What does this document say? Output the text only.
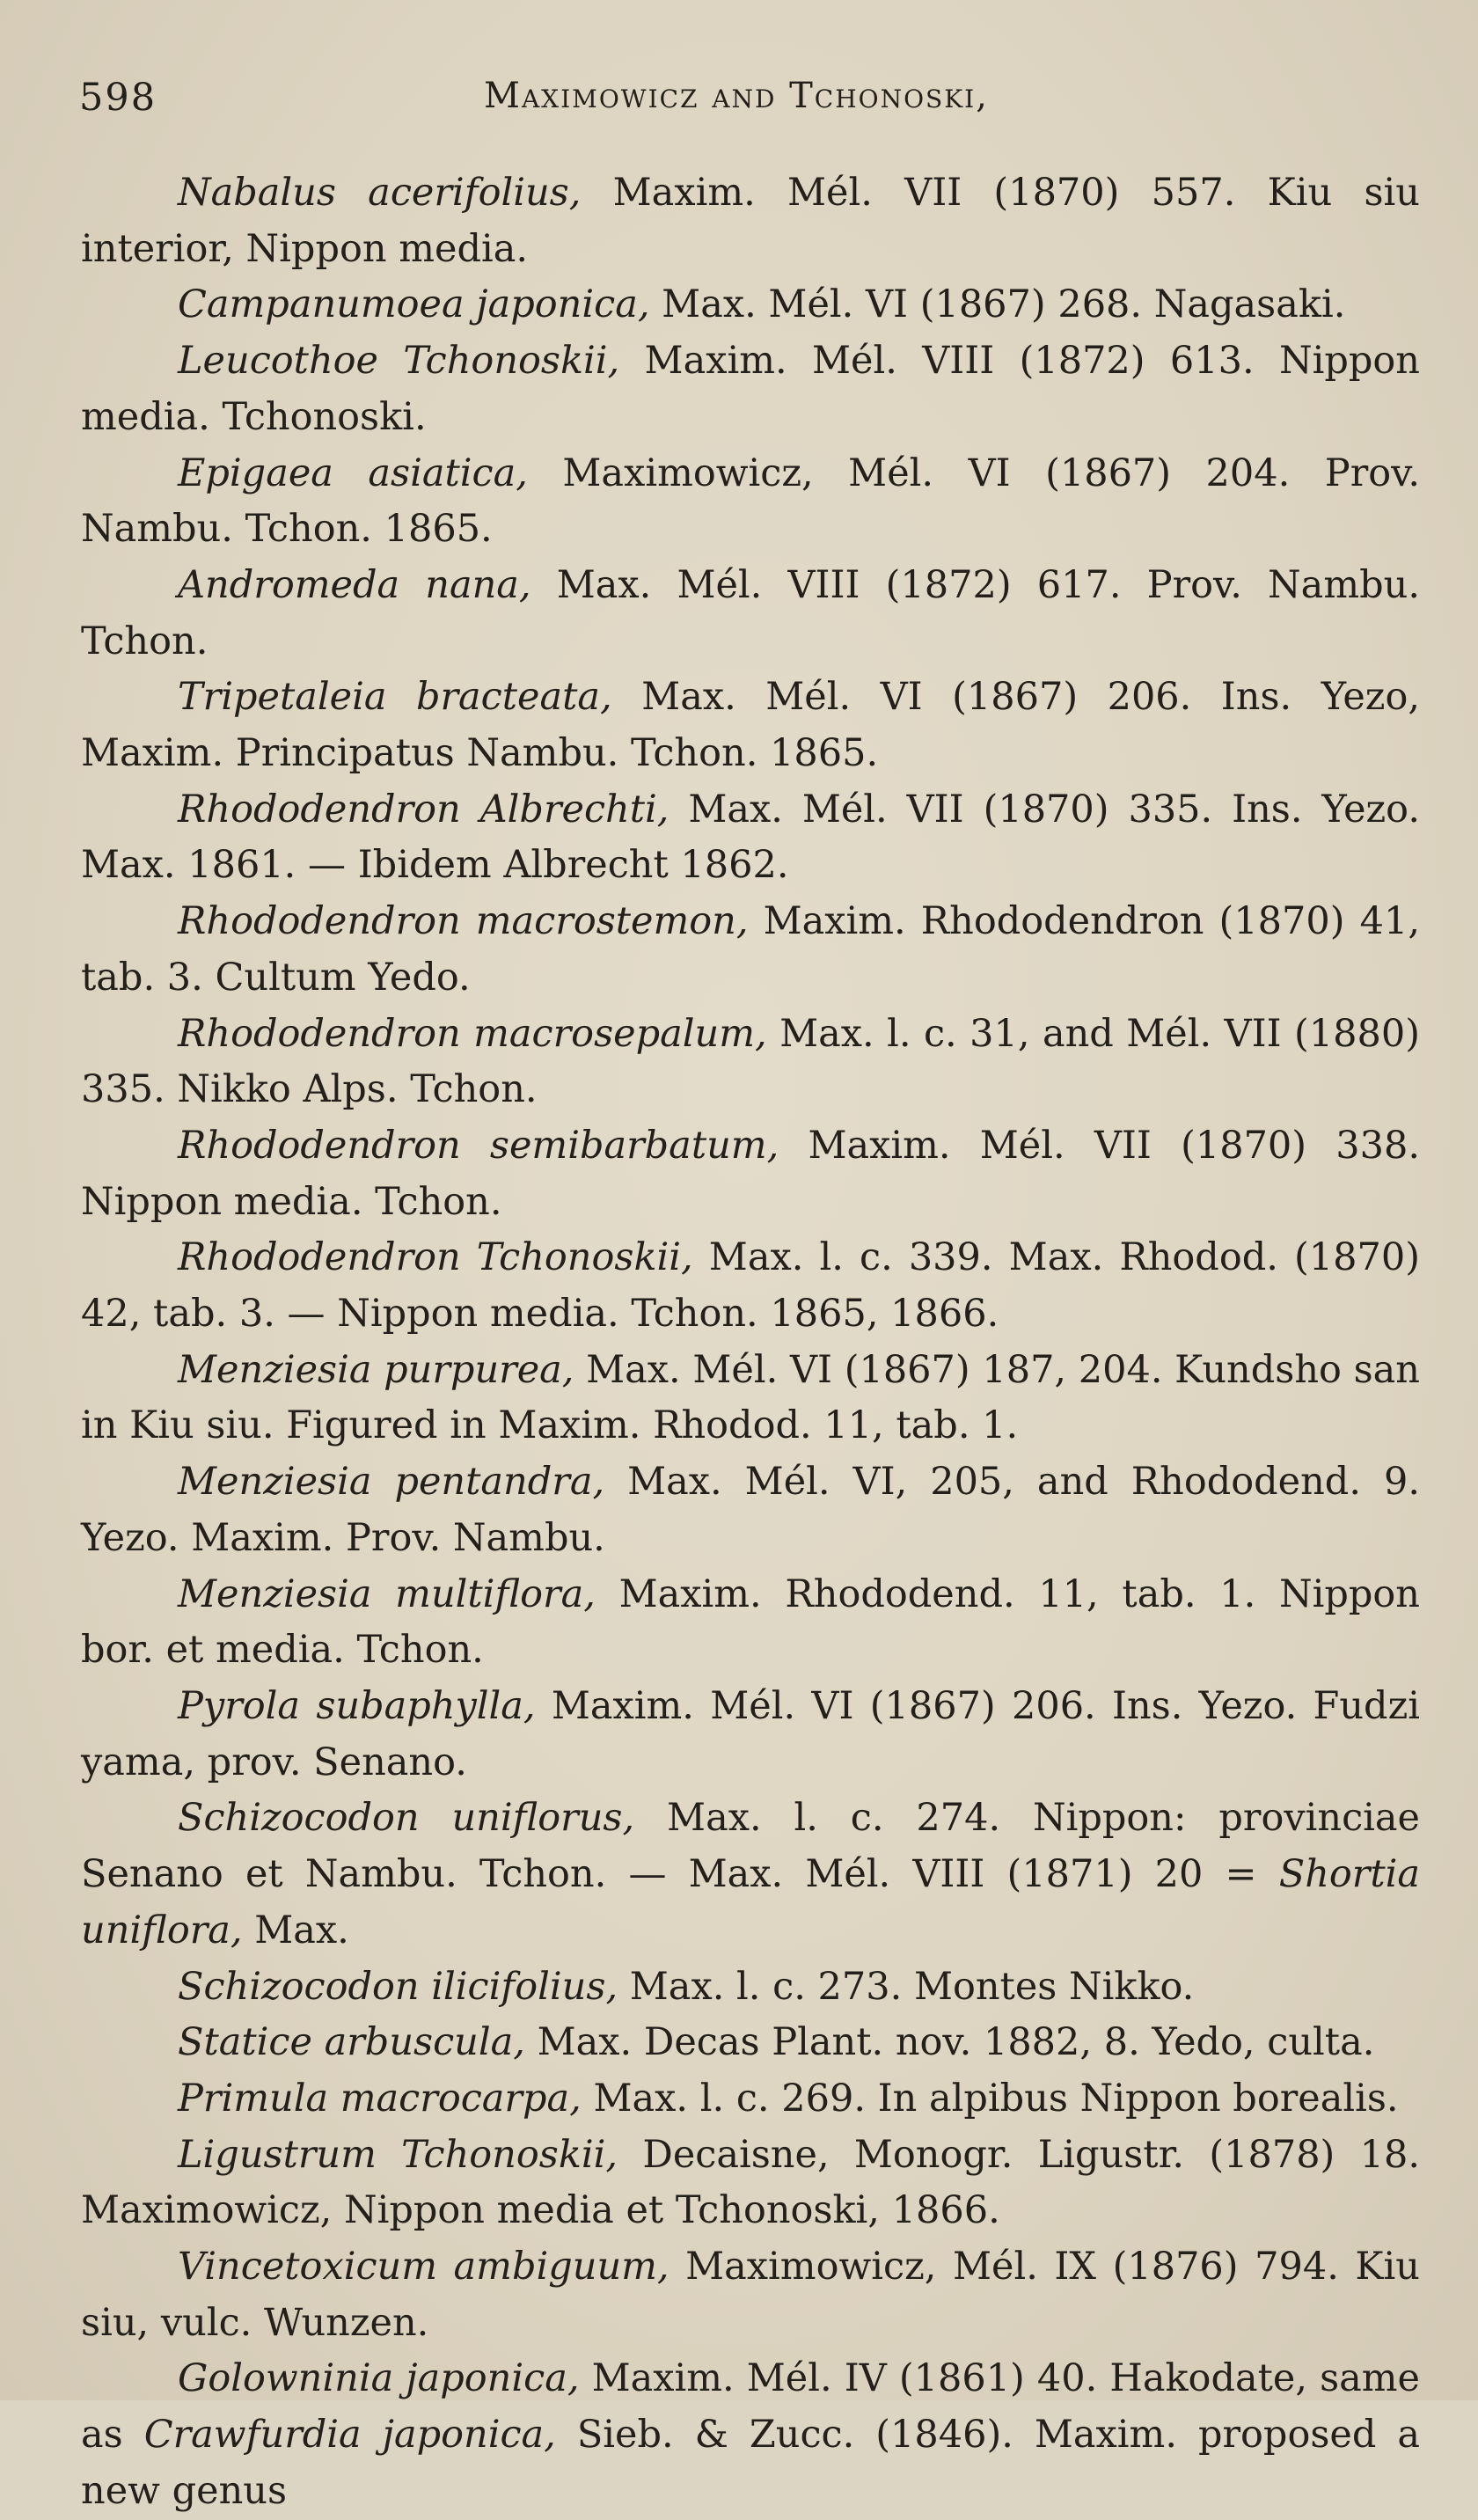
598	Maximowicz and Tchonoski,

Nabalus acerifolius, Maxim. Mél. VII (1870) 557. Kiu siu interior, Nippon media.

Campanumoea japonica, Max. Mél. VI (1867) 268. Nagasaki.

Leucothoe Tchonoskii, Maxim. Mél. VIII (1872) 613. Nippon media. Tchonoski.

Epigaea asiatica, Maximowicz, Mél. VI (1867) 204. Prov. Nambu. Tchon. 1865.

Andromeda nana, Max. Mél. VIII (1872) 617. Prov. Nambu. Tchon.

Tripetaleia bracteata, Max. Mél. VI (1867) 206. Ins. Yezo, Maxim. Principatus Nambu. Tchon. 1865.

Rhododendron Albrechti, Max. Mél. VII (1870) 335. Ins. Yezo. Max. 1861. — Ibidem Albrecht 1862.

Rhododendron macrostemon, Maxim. Rhododendron (1870) 41, tab. 3. Cultum Yedo.

Rhododendron macrosepalum, Max. l. c. 31, and Mél. VII (1880) 335. Nikko Alps. Tchon.

Rhododendron semibarbatum, Maxim. Mél. VII (1870) 338. Nippon media. Tchon.

Rhododendron Tchonoskii, Max. l. c. 339. Max. Rhodod. (1870) 42, tab. 3. — Nippon media. Tchon. 1865, 1866.

Menziesia purpurea, Max. Mél. VI (1867) 187, 204. Kundsho san in Kiu siu. Figured in Maxim. Rhodod. 11, tab. 1.

Menziesia pentandra, Max. Mél. VI, 205, and Rhododend. 9. Yezo. Maxim. Prov. Nambu.

Menziesia multiflora, Maxim. Rhododend. 11, tab. 1. Nippon bor. et media. Tchon.

Pyrola subaphylla, Maxim. Mél. VI (1867) 206. Ins. Yezo. Fudzi yama, prov. Senano.

Schizocodon uniflorus, Max. l. c. 274. Nippon: provinciae Senano et Nambu. Tchon. — Max. Mél. VIII (1871) 20 = Shortia uniflora, Max.

Schizocodon ilicifolius, Max. l. c. 273. Montes Nikko.

Statice arbuscula, Max. Decas Plant. nov. 1882, 8. Yedo, culta.

Primula macrocarpa, Max. l. c. 269. In alpibus Nippon borealis.

Ligustrum Tchonoskii, Decaisne, Monogr. Ligustr. (1878) 18. Maximowicz, Nippon media et Tchonoski, 1866.

Vincetoxicum ambiguum, Maximowicz, Mél. IX (1876) 794. Kiu siu, vulc. Wunzen.

Golowninia japonica, Maxim. Mél. IV (1861) 40. Hakodate, same as Crawfurdia japonica, Sieb. & Zucc. (1846). Maxim. proposed a new genus
